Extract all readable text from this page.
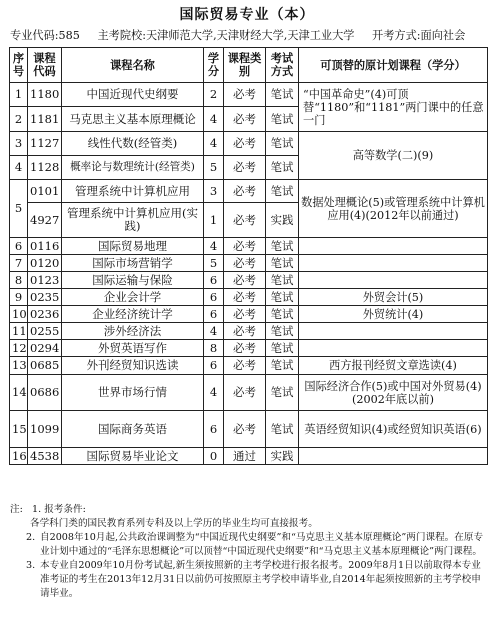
国际贸易专业（本）
专业代码:585 主考院校:天津师范大学,天津财经大学,天津工业大学 开考方式:面向社会
序号	课程代码	课程名称	学分	课程类别	考试方式	可顶替的原计划课程（学分）
1	1180	中国近现代史纲要	2	必考	笔试	“中国革命史”(4)可顶替“1180”和“1181”两门课中的任意一门
2	1181	马克思主义基本原理概论	4	必考	笔试	
3	1127	线性代数(经管类)	4	必考	笔试	高等数学(二)(9)
4	1128	概率论与数理统计(经管类)	5	必考	笔试	
5	0101	管理系统中计算机应用	3	必考	笔试	数据处理概论(5)或管理系统中计算机应用(4)(2012年以前通过)
	4927	管理系统中计算机应用(实践)	1	必考	实践	
6	0116	国际贸易地理	4	必考	笔试	
7	0120	国际市场营销学	5	必考	笔试	
8	0123	国际运输与保险	6	必考	笔试	
9	0235	企业会计学	6	必考	笔试	外贸会计(5)
10	0236	企业经济统计学	6	必考	笔试	外贸统计(4)
11	0255	涉外经济法	4	必考	笔试	
12	0294	外贸英语写作	8	必考	笔试	
13	0685	外刊经贸知识选读	6	必考	笔试	西方报刊经贸文章选读(4)
14	0686	世界市场行情	4	必考	笔试	国际经济合作(5)或中国对外贸易(4)(2002年底以前)
15	1099	国际商务英语	6	必考	笔试	英语经贸知识(4)或经贸知识英语(6)
16	4538	国际贸易毕业论文	0	通过	实践	
注: 1. 报考条件:
各学科门类的国民教育系列专科及以上学历的毕业生均可直接报考。
2. 自2008年10月起,公共政治课调整为“中国近现代史纲要”和“马克思主义基本原理概论”两门课程。在原专业计划中通过的“毛泽东思想概论”可以顶替“中国近现代史纲要”和“马克思主义基本原理概论”两门课程。
3. 本专业自2009年10月份考试起,新生须按照新的主考学校进行报名报考。2009年8月1日以前取得本专业准考证的考生在2013年12月31日以前仍可按照原主考学校申请毕业,自2014年起须按照新的主考学校申请毕业。
